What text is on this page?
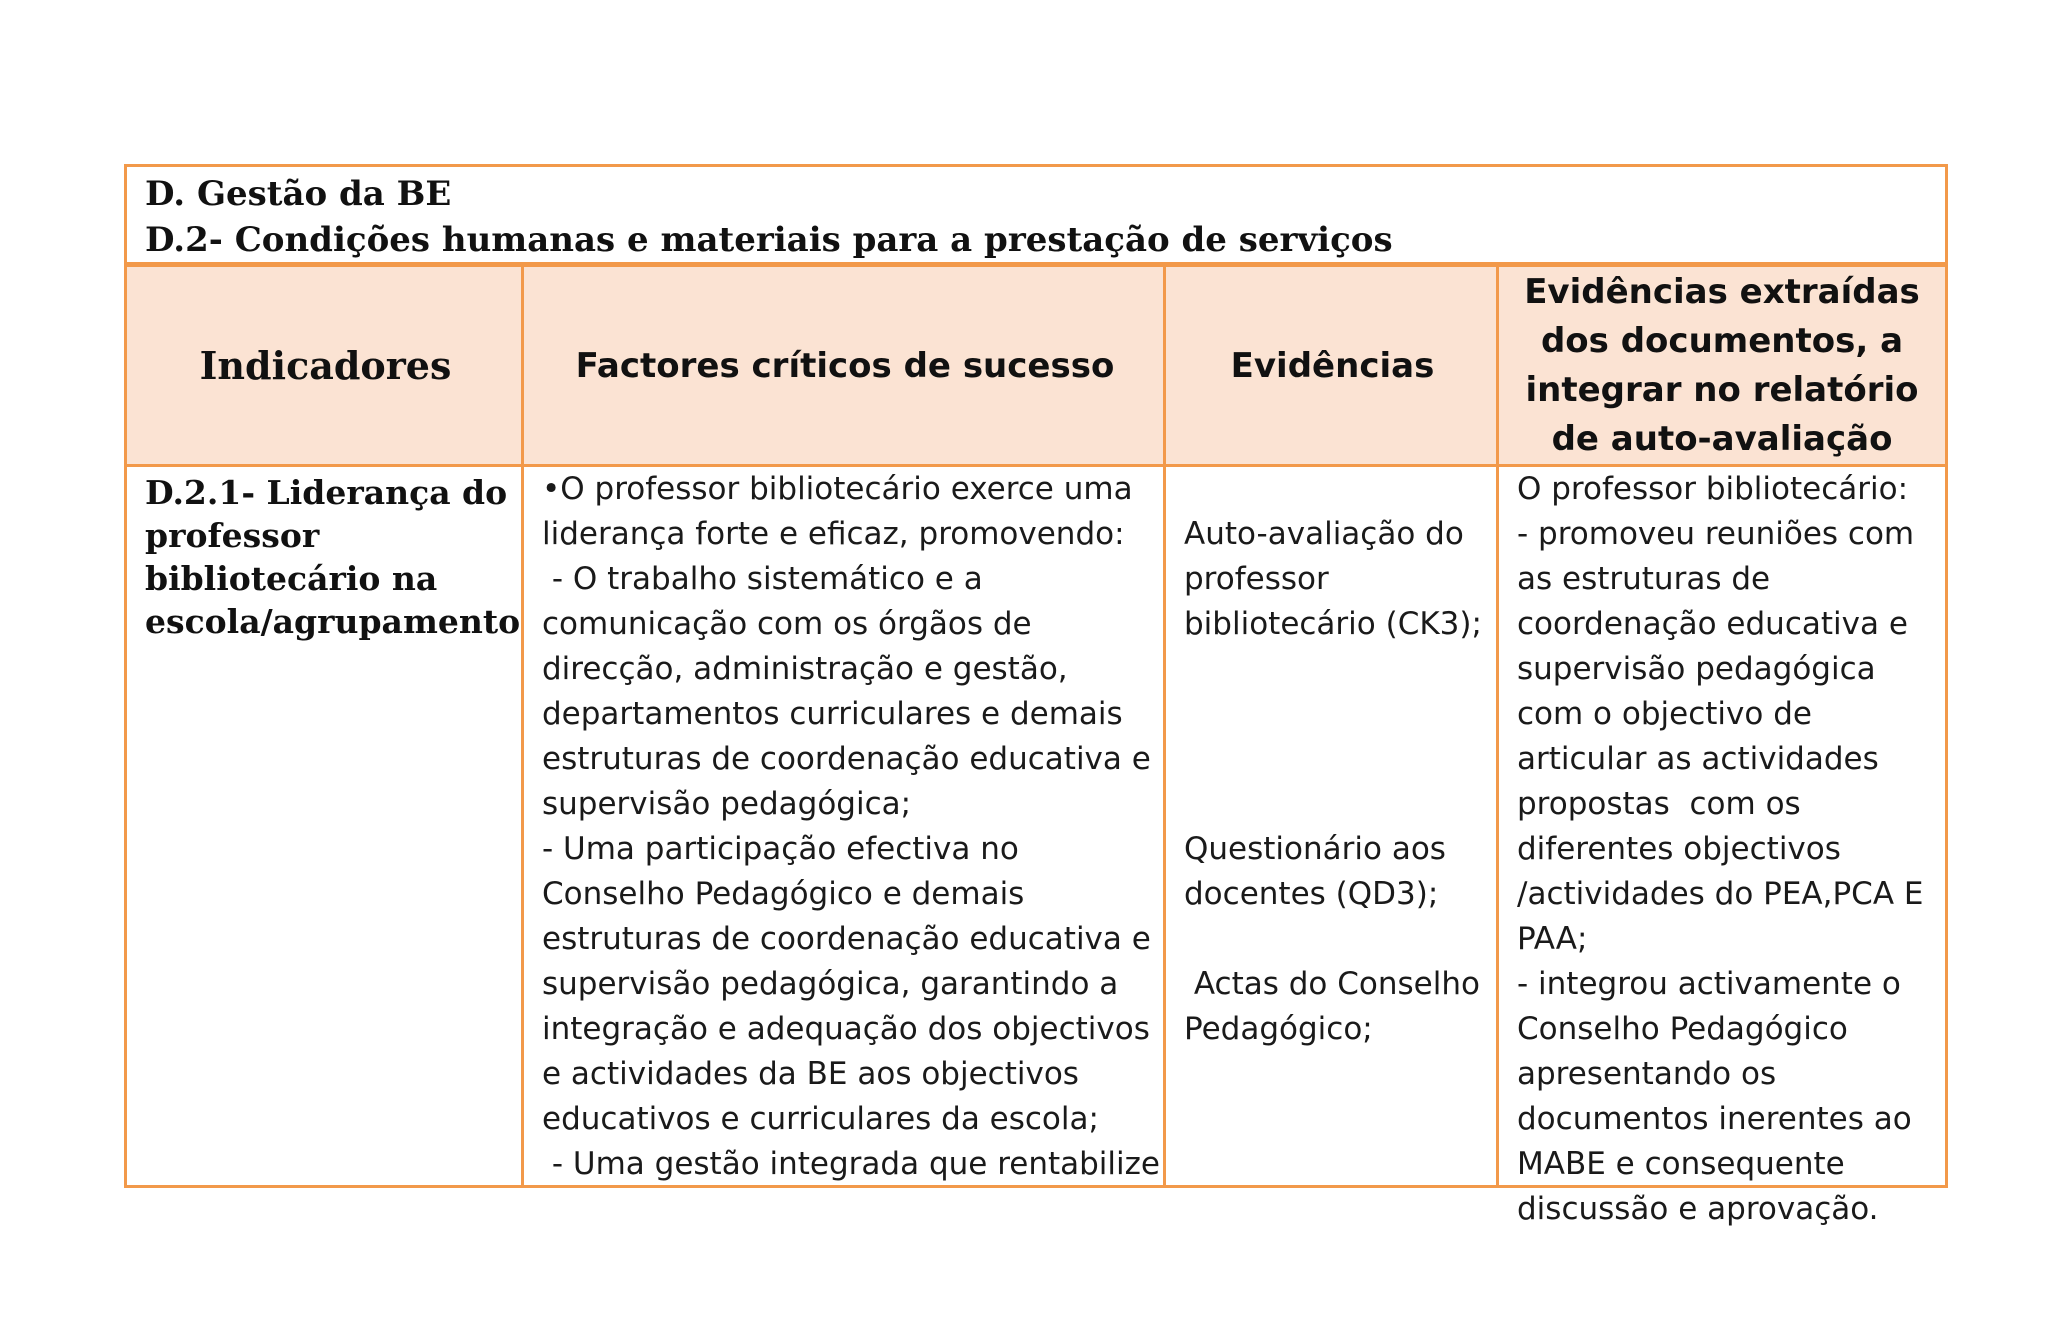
D. Gestão da BE
D.2- Condições humanas e materiais para a prestação de serviços
Indicadores	Factores críticos de sucesso	Evidências
Evidências extraídas dos documentos, a integrar no relatório de auto-avaliação
D.2.1- Liderança do professor bibliotecário na escola/agrupamento
•O professor bibliotecário exerce uma liderança forte e eficaz, promovendo:
- O trabalho sistemático e a comunicação com os órgãos de direcção, administração e gestão, departamentos curriculares e demais estruturas de coordenação educativa e supervisão pedagógica;
- Uma participação efectiva no Conselho Pedagógico e demais estruturas de coordenação educativa e supervisão pedagógica, garantindo a integração e adequação dos objectivos e actividades da BE aos objectivos educativos e curriculares da escola;
- Uma gestão integrada que rentabilize
Auto-avaliação do professor bibliotecário (CK3);
Questionário aos docentes (QD3);
Actas do Conselho Pedagógico;
O professor bibliotecário:
- promoveu reuniões com as estruturas de coordenação educativa e supervisão pedagógica com o objectivo de articular as actividades propostas  com os diferentes objectivos /actividades do PEA,PCA E PAA;
- integrou activamente o Conselho Pedagógico apresentando os documentos inerentes ao MABE e consequente discussão e aprovação.
